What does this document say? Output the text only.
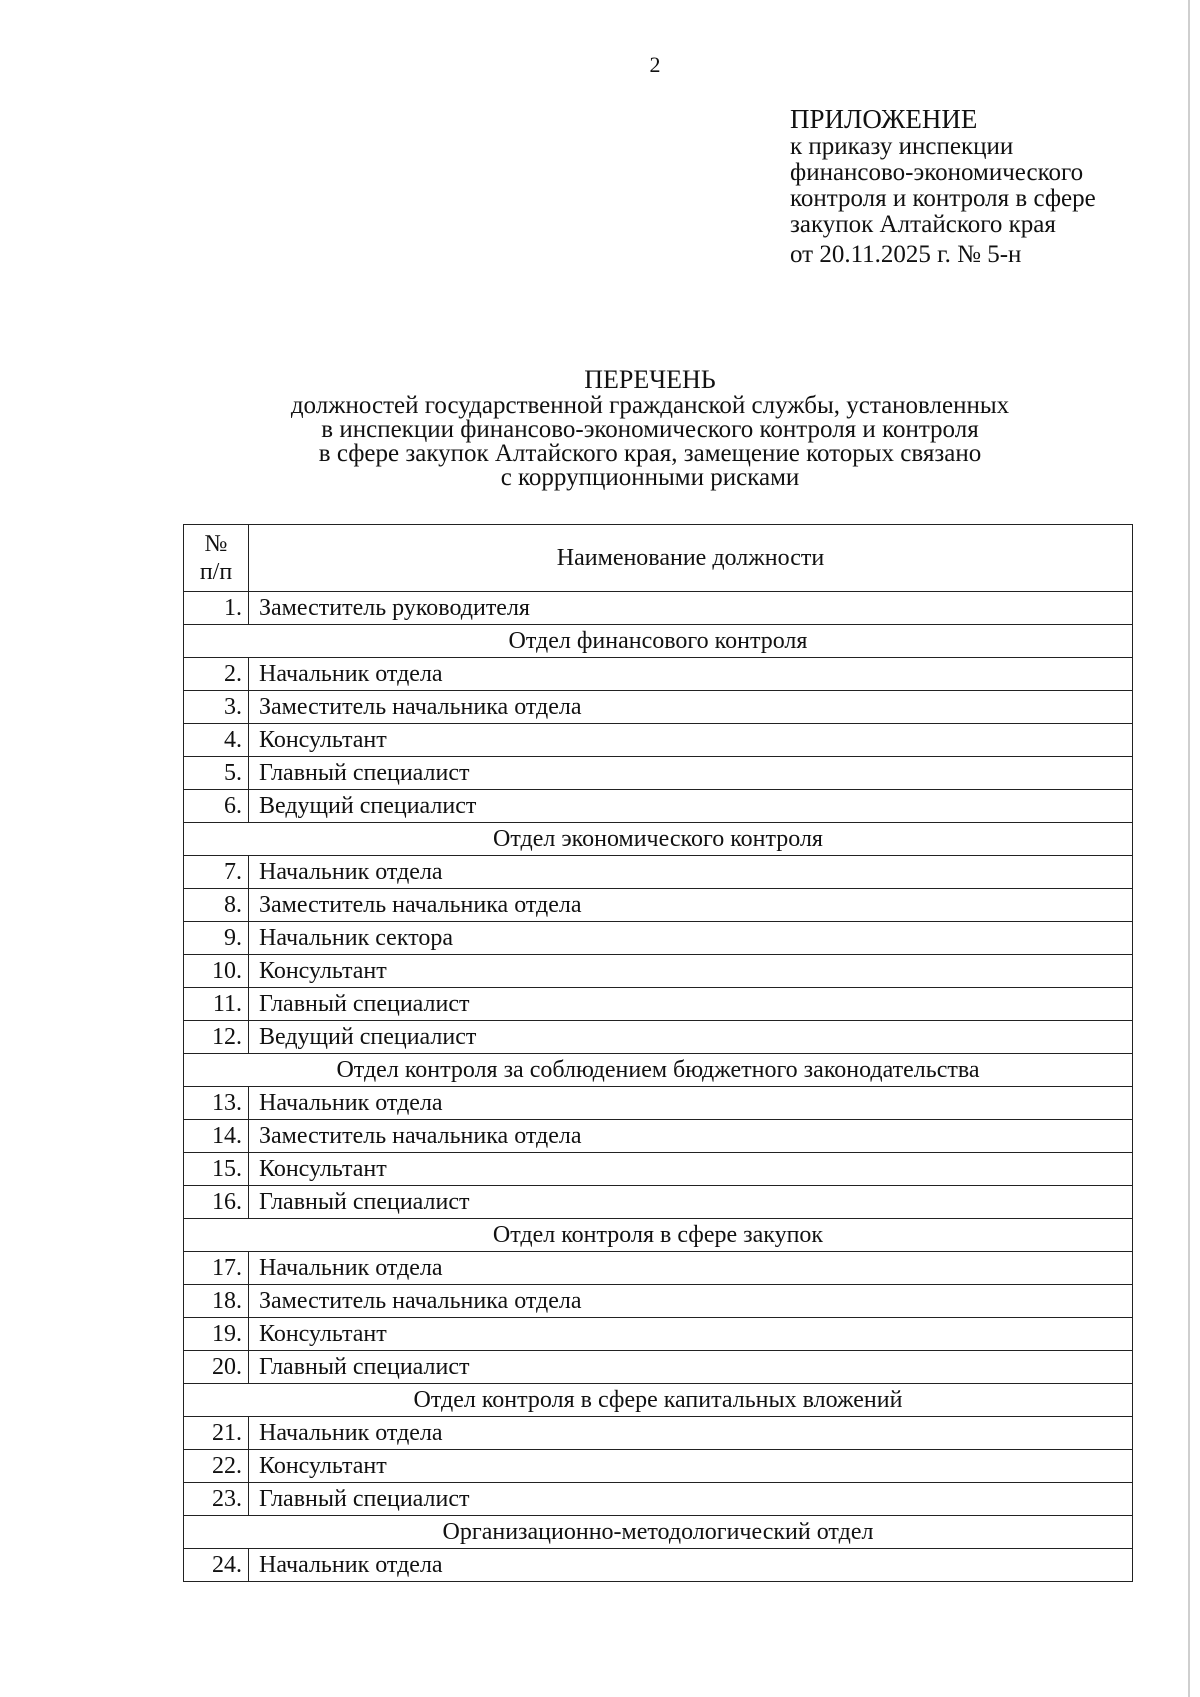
2
ПРИЛОЖЕНИЕ
к приказу инспекции
финансово-экономического
контроля и контроля в сфере
закупок Алтайского края
от 20.11.2025 г. № 5-н
ПЕРЕЧЕНЬ
должностей государственной гражданской службы, установленных
в инспекции финансово-экономического контроля и контроля
в сфере закупок Алтайского края, замещение которых связано
с коррупционными рисками
№
п/п	Наименование должности
1.	Заместитель руководителя
Отдел финансового контроля	
2.	Начальник отдела
3.	Заместитель начальника отдела
4.	Консультант
5.	Главный специалист
6.	Ведущий специалист
Отдел экономического контроля	
7.	Начальник отдела
8.	Заместитель начальника отдела
9.	Начальник сектора
10.	Консультант
11.	Главный специалист
12.	Ведущий специалист
Отдел контроля за соблюдением бюджетного законодательства	
13.	Начальник отдела
14.	Заместитель начальника отдела
15.	Консультант
16.	Главный специалист
Отдел контроля в сфере закупок	
17.	Начальник отдела
18.	Заместитель начальника отдела
19.	Консультант
20.	Главный специалист
Отдел контроля в сфере капитальных вложений	
21.	Начальник отдела
22.	Консультант
23.	Главный специалист
Организационно-методологический отдел	
24.	Начальник отдела
